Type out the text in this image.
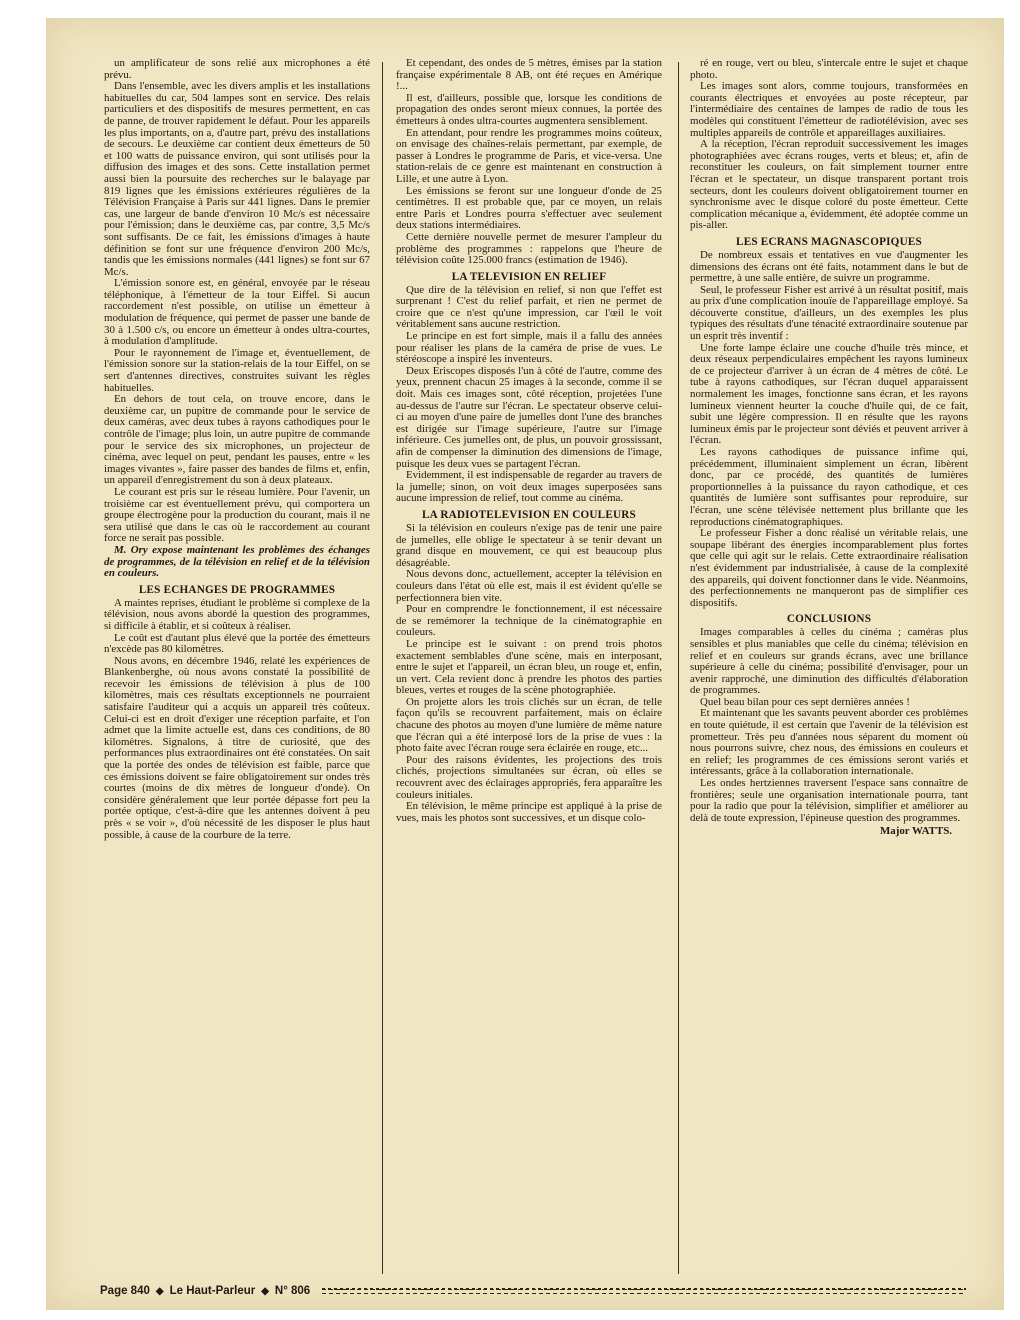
un amplificateur de sons relié aux microphones a été prévu.

Dans l'ensemble, avec les divers amplis et les installations habituelles du car, 504 lampes sont en service. Des relais particuliers et des dispositifs de mesures permettent, en cas de panne, de trouver rapidement le défaut. Pour les appareils les plus importants, on a, d'autre part, prévu des installations de secours. Le deuxième car contient deux émetteurs de 50 et 100 watts de puissance environ, qui sont utilisés pour la diffusion des images et des sons. Cette installation permet aussi bien la poursuite des recherches sur le balayage par 819 lignes que les émissions extérieures régulières de la Télévision Française à Paris sur 441 lignes. Dans le premier cas, une largeur de bande d'environ 10 Mc/s est nécessaire pour l'émission; dans le deuxième cas, par contre, 3,5 Mc/s sont suffisants. De ce fait, les émissions d'images à haute définition se font sur une fréquence d'environ 200 Mc/s, tandis que les émissions normales (441 lignes) se font sur 67 Mc/s.

L'émission sonore est, en général, envoyée par le réseau téléphonique, à l'émetteur de la tour Eiffel. Si aucun raccordement n'est possible, on utilise un émetteur à modulation de fréquence, qui permet de passer une bande de 30 à 1.500 c/s, ou encore un émetteur à ondes ultra-courtes, à modulation d'amplitude.

Pour le rayonnement de l'image et, éventuellement, de l'émission sonore sur la station-relais de la tour Eiffel, on se sert d'antennes directives, construites suivant les règles habituelles.

En dehors de tout cela, on trouve encore, dans le deuxième car, un pupitre de commande pour le service de deux caméras, avec deux tubes à rayons cathodiques pour le contrôle de l'image; plus loin, un autre pupitre de commande pour le service des six microphones, un projecteur de cinéma, avec lequel on peut, pendant les pauses, entre « les images vivantes », faire passer des bandes de films et, enfin, un appareil d'enregistrement du son à deux plateaux.

Le courant est pris sur le réseau lumière. Pour l'avenir, un troisième car est éventuellement prévu, qui comportera un groupe électrogène pour la production du courant, mais il ne sera utilisé que dans le cas où le raccordement au courant force ne serait pas possible.

M. Ory expose maintenant les problèmes des échanges de programmes, de la télévision en relief et de la télévision en couleurs.

LES ECHANGES DE PROGRAMMES

A maintes reprises, étudiant le problème si complexe de la télévision, nous avons abordé la question des programmes, si difficile à établir, et si coûteux à réaliser.

Le coût est d'autant plus élevé que la portée des émetteurs n'excède pas 80 kilomètres.

Nous avons, en décembre 1946, relaté les expériences de Blankenberghe, où nous avons constaté la possibilité de recevoir les émissions de télévision à plus de 100 kilomètres, mais ces résultats exceptionnels ne pourraient satisfaire l'auditeur qui a acquis un appareil très coûteux. Celui-ci est en droit d'exiger une réception parfaite, et l'on admet que la limite actuelle est, dans ces conditions, de 80 kilomètres. Signalons, à titre de curiosité, que des performances plus extraordinaires ont été constatées. On sait que la portée des ondes de télévision est faible, parce que ces émissions doivent se faire obligatoirement sur ondes très courtes (moins de dix mètres de longueur d'onde). On considère généralement que leur portée dépasse fort peu la portée optique, c'est-à-dire que les antennes doivent à peu près « se voir », d'où nécessité de les disposer le plus haut possible, à cause de la courbure de la terre.

Et cependant, des ondes de 5 mètres, émises par la station française expérimentale 8 AB, ont été reçues en Amérique !...

Il est, d'ailleurs, possible que, lorsque les conditions de propagation des ondes seront mieux connues, la portée des émetteurs à ondes ultra-courtes augmentera sensiblement.

En attendant, pour rendre les programmes moins coûteux, on envisage des chaînes-relais permettant, par exemple, de passer à Londres le programme de Paris, et vice-versa. Une station-relais de ce genre est maintenant en construction à Lille, et une autre à Lyon.

Les émissions se feront sur une longueur d'onde de 25 centimètres. Il est probable que, par ce moyen, un relais entre Paris et Londres pourra s'effectuer avec seulement deux stations intermédiaires.

Cette dernière nouvelle permet de mesurer l'ampleur du problème des programmes : rappelons que l'heure de télévision coûte 125.000 francs (estimation de 1946).

LA TELEVISION EN RELIEF

Que dire de la télévision en relief, si non que l'effet est surprenant ! C'est du relief parfait, et rien ne permet de croire que ce n'est qu'une impression, car l'œil le voit véritablement sans aucune restriction.

Le principe en est fort simple, mais il a fallu des années pour réaliser les plans de la caméra de prise de vues. Le stéréoscope a inspiré les inventeurs.

Deux Eriscopes disposés l'un à côté de l'autre, comme des yeux, prennent chacun 25 images à la seconde, comme il se doit. Mais ces images sont, côté réception, projetées l'une au-dessus de l'autre sur l'écran. Le spectateur observe celui-ci au moyen d'une paire de jumelles dont l'une des branches est dirigée sur l'image supérieure, l'autre sur l'image inférieure. Ces jumelles ont, de plus, un pouvoir grossissant, afin de compenser la diminution des dimensions de l'image, puisque les deux vues se partagent l'écran.

Evidemment, il est indispensable de regarder au travers de la jumelle; sinon, on voit deux images superposées sans aucune impression de relief, tout comme au cinéma.

LA RADIOTELEVISION EN COULEURS

Si la télévision en couleurs n'exige pas de tenir une paire de jumelles, elle oblige le spectateur à se tenir devant un grand disque en mouvement, ce qui est beaucoup plus désagréable.

Nous devons donc, actuellement, accepter la télévision en couleurs dans l'état où elle est, mais il est évident qu'elle se perfectionnera bien vite.

Pour en comprendre le fonctionnement, il est nécessaire de se remémorer la technique de la cinématographie en couleurs.

Le principe est le suivant : on prend trois photos exactement semblables d'une scène, mais en interposant, entre le sujet et l'appareil, un écran bleu, un rouge et, enfin, un vert. Cela revient donc à prendre les photos des parties bleues, vertes et rouges de la scène photographiée.

On projette alors les trois clichés sur un écran, de telle façon qu'ils se recouvrent parfaitement, mais on éclaire chacune des photos au moyen d'une lumière de même nature que l'écran qui a été interposé lors de la prise de vues : la photo faite avec l'écran rouge sera éclairée en rouge, etc...

Pour des raisons évidentes, les projections des trois clichés, projections simultanées sur écran, où elles se recouvrent avec des éclairages appropriés, fera apparaître les couleurs initiales.

En télévision, le même principe est appliqué à la prise de vues, mais les photos sont successives, et un disque colo-

ré en rouge, vert ou bleu, s'intercale entre le sujet et chaque photo.

Les images sont alors, comme toujours, transformées en courants électriques et envoyées au poste récepteur, par l'intermédiaire des centaines de lampes de radio de tous les modèles qui constituent l'émetteur de radiotélévision, avec ses multiples appareils de contrôle et appareillages auxiliaires.

A la réception, l'écran reproduit successivement les images photographiées avec écrans rouges, verts et bleus; et, afin de reconstituer les couleurs, on fait simplement tourner entre l'écran et le spectateur, un disque transparent portant trois secteurs, dont les couleurs doivent obligatoirement tourner en synchronisme avec le disque coloré du poste émetteur. Cette complication mécanique a, évidemment, été adoptée comme un pis-aller.

LES ECRANS MAGNASCOPIQUES

De nombreux essais et tentatives en vue d'augmenter les dimensions des écrans ont été faits, notamment dans le but de permettre, à une salle entière, de suivre un programme.

Seul, le professeur Fisher est arrivé à un résultat positif, mais au prix d'une complication inouïe de l'appareillage employé. Sa découverte constitue, d'ailleurs, un des exemples les plus typiques des résultats d'une ténacité extraordinaire soutenue par un esprit très inventif :

Une forte lampe éclaire une couche d'huile très mince, et deux réseaux perpendiculaires empêchent les rayons lumineux de ce projecteur d'arriver à un écran de 4 mètres de côté. Le tube à rayons cathodiques, sur l'écran duquel apparaissent normalement les images, fonctionne sans écran, et les rayons lumineux viennent heurter la couche d'huile qui, de ce fait, subit une légère compression. Il en résulte que les rayons lumineux émis par le projecteur sont déviés et peuvent arriver à l'écran.

Les rayons cathodiques de puissance infime qui, précédemment, illuminaient simplement un écran, libèrent donc, par ce procédé, des quantités de lumières proportionnelles à la puissance du rayon cathodique, et ces quantités de lumière sont suffisantes pour reproduire, sur l'écran, une scène télévisée nettement plus brillante que les reproductions cinématographiques.

Le professeur Fisher a donc réalisé un véritable relais, une soupape libérant des énergies incomparablement plus fortes que celle qui agit sur le relais. Cette extraordinaire réalisation n'est évidemment par industrialisée, à cause de la complexité des appareils, qui doivent fonctionner dans le vide. Néanmoins, des perfectionnements ne manqueront pas de simplifier ces dispositifs.

CONCLUSIONS

Images comparables à celles du cinéma ; caméras plus sensibles et plus maniables que celle du cinéma; télévision en relief et en couleurs sur grands écrans, avec une brillance supérieure à celle du cinéma; possibilité d'envisager, pour un avenir rapproché, une diminution des difficultés d'élaboration de programmes.

Quel beau bilan pour ces sept dernières années !

Et maintenant que les savants peuvent aborder ces problèmes en toute quiétude, il est certain que l'avenir de la télévision est prometteur. Très peu d'années nous séparent du moment où nous pourrons suivre, chez nous, des émissions en couleurs et en relief; les programmes de ces émissions seront variés et intéressants, grâce à la collaboration internationale.

Les ondes hertziennes traversent l'espace sans connaître de frontières; seule une organisation internationale pourra, tant pour la radio que pour la télévision, simplifier et améliorer au delà de toute expression, l'épineuse question des programmes.

Major WATTS.

Page 840 ◆ Le Haut-Parleur ◆ N° 806
